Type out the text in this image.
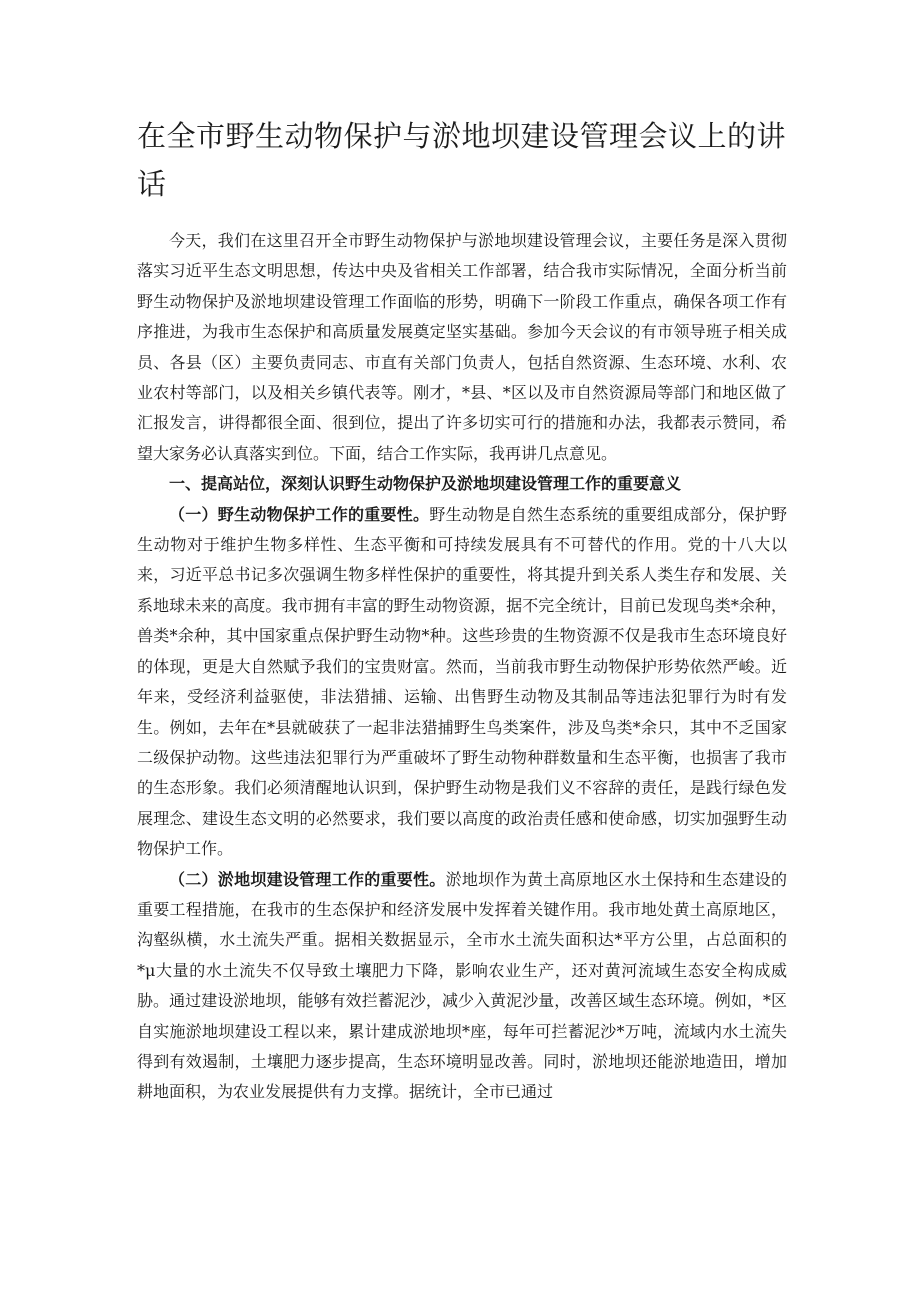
在全市野生动物保护与淤地坝建设管理会议上的讲话

今天，我们在这里召开全市野生动物保护与淤地坝建设管理会议，主要任务是深入贯彻落实习近平生态文明思想，传达中央及省相关工作部署，结合我市实际情况，全面分析当前野生动物保护及淤地坝建设管理工作面临的形势，明确下一阶段工作重点，确保各项工作有序推进，为我市生态保护和高质量发展奠定坚实基础。参加今天会议的有市领导班子相关成员、各县（区）主要负责同志、市直有关部门负责人，包括自然资源、生态环境、水利、农业农村等部门，以及相关乡镇代表等。刚才，*县、*区以及市自然资源局等部门和地区做了汇报发言，讲得都很全面、很到位，提出了许多切实可行的措施和办法，我都表示赞同，希望大家务必认真落实到位。下面，结合工作实际，我再讲几点意见。

一、提高站位，深刻认识野生动物保护及淤地坝建设管理工作的重要意义

（一）野生动物保护工作的重要性。野生动物是自然生态系统的重要组成部分，保护野生动物对于维护生物多样性、生态平衡和可持续发展具有不可替代的作用。党的十八大以来，习近平总书记多次强调生物多样性保护的重要性，将其提升到关系人类生存和发展、关系地球未来的高度。我市拥有丰富的野生动物资源，据不完全统计，目前已发现鸟类*余种，兽类*余种，其中国家重点保护野生动物*种。这些珍贵的生物资源不仅是我市生态环境良好的体现，更是大自然赋予我们的宝贵财富。然而，当前我市野生动物保护形势依然严峻。近年来，受经济利益驱使，非法猎捕、运输、出售野生动物及其制品等违法犯罪行为时有发生。例如，去年在*县就破获了一起非法猎捕野生鸟类案件，涉及鸟类*余只，其中不乏国家二级保护动物。这些违法犯罪行为严重破坏了野生动物种群数量和生态平衡，也损害了我市的生态形象。我们必须清醒地认识到，保护野生动物是我们义不容辞的责任，是践行绿色发展理念、建设生态文明的必然要求，我们要以高度的政治责任感和使命感，切实加强野生动物保护工作。

（二）淤地坝建设管理工作的重要性。淤地坝作为黄土高原地区水土保持和生态建设的重要工程措施，在我市的生态保护和经济发展中发挥着关键作用。我市地处黄土高原地区，沟壑纵横，水土流失严重。据相关数据显示，全市水土流失面积达*平方公里，占总面积的*μ大量的水土流失不仅导致土壤肥力下降，影响农业生产，还对黄河流域生态安全构成威胁。通过建设淤地坝，能够有效拦蓄泥沙，减少入黄泥沙量，改善区域生态环境。例如，*区自实施淤地坝建设工程以来，累计建成淤地坝*座，每年可拦蓄泥沙*万吨，流域内水土流失得到有效遏制，土壤肥力逐步提高，生态环境明显改善。同时，淤地坝还能淤地造田，增加耕地面积，为农业发展提供有力支撑。据统计，全市已通过
